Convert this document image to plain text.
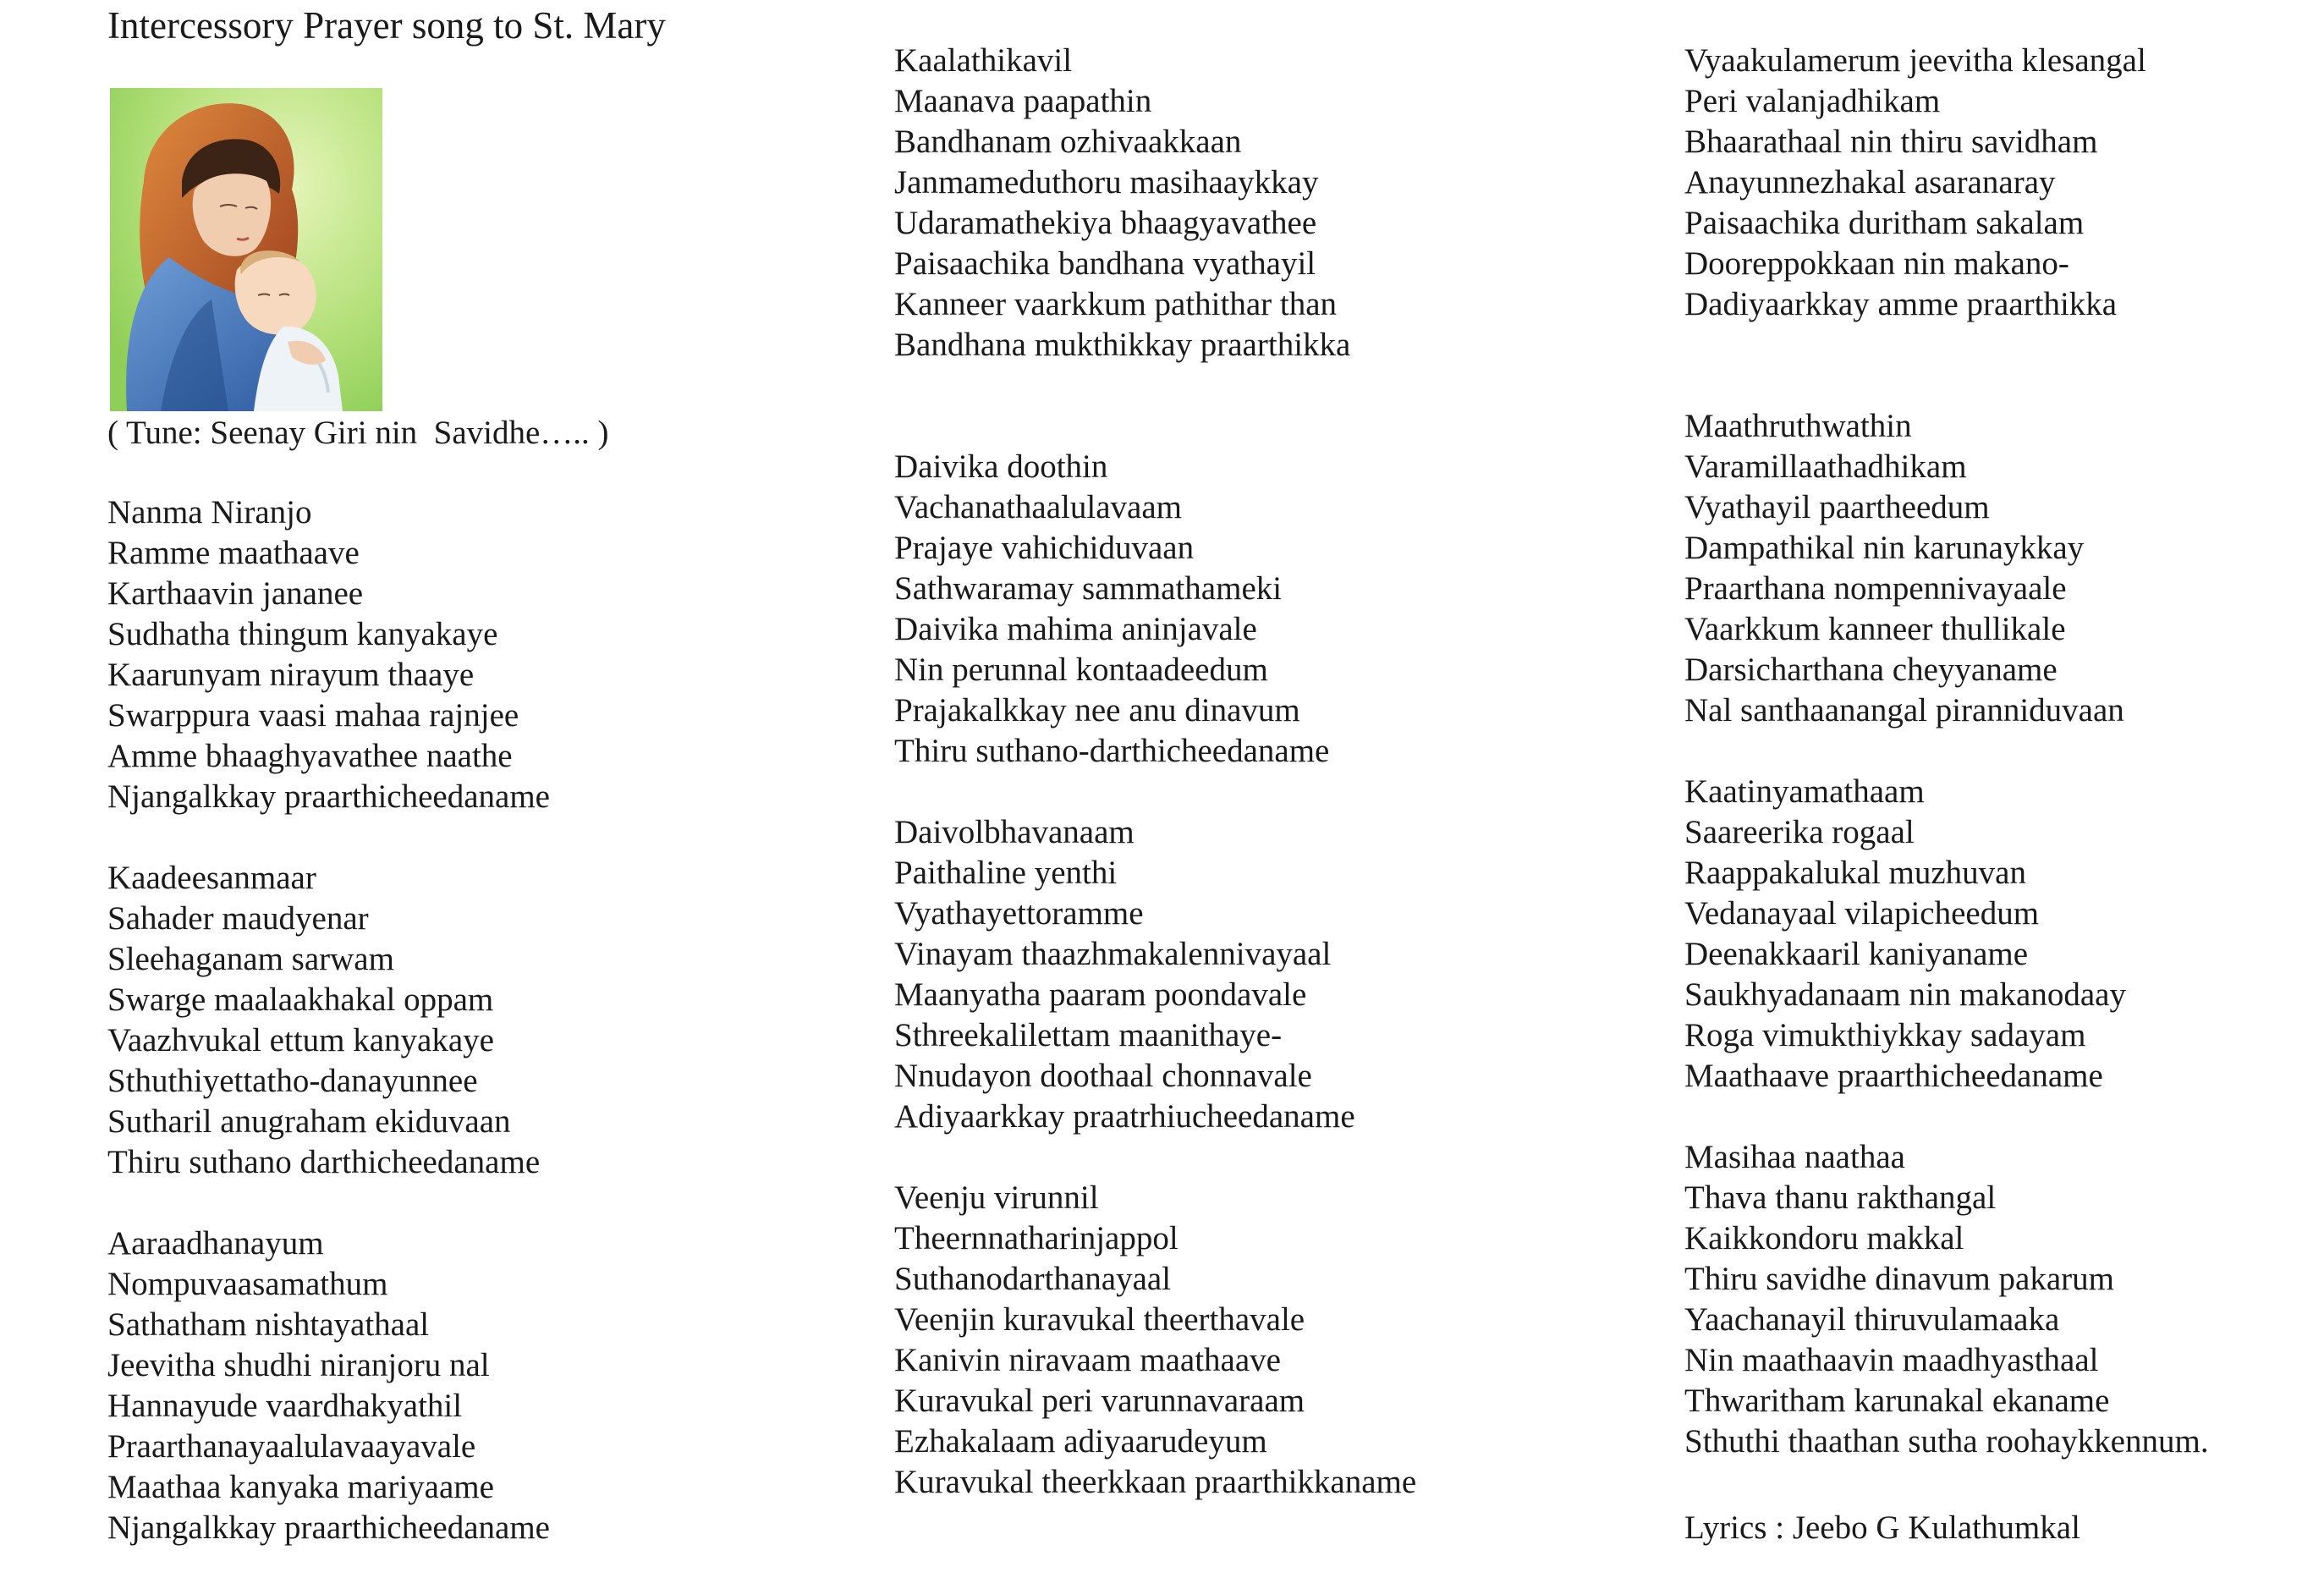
Intercessory Prayer song to St. Mary
( Tune: Seenay Giri nin  Savidhe….. )
Nanma Niranjo
Ramme maathaave
Karthaavin jananee
Sudhatha thingum kanyakaye
Kaarunyam nirayum thaaye
Swarppura vaasi mahaa rajnjee
Amme bhaaghyavathee naathe
Njangalkkay praarthicheedaname
Kaadeesanmaar
Sahader maudyenar
Sleehaganam sarwam
Swarge maalaakhakal oppam
Vaazhvukal ettum kanyakaye
Sthuthiyettatho-danayunnee
Sutharil anugraham ekiduvaan
Thiru suthano darthicheedaname
Aaraadhanayum
Nompuvaasamathum
Sathatham nishtayathaal
Jeevitha shudhi niranjoru nal
Hannayude vaardhakyathil
Praarthanayaalulavaayavale
Maathaa kanyaka mariyaame
Njangalkkay praarthicheedaname
Kaalathikavil
Maanava paapathin
Bandhanam ozhivaakkaan
Janmameduthoru masihaaykkay
Udaramathekiya bhaagyavathee
Paisaachika bandhana vyathayil
Kanneer vaarkkum pathithar than
Bandhana mukthikkay praarthikka
Daivika doothin
Vachanathaalulavaam
Prajaye vahichiduvaan
Sathwaramay sammathameki
Daivika mahima aninjavale
Nin perunnal kontaadeedum
Prajakalkkay nee anu dinavum
Thiru suthano-darthicheedaname
Daivolbhavanaam
Paithaline yenthi
Vyathayettoramme
Vinayam thaazhmakalennivayaal
Maanyatha paaram poondavale
Sthreekalilettam maanithaye-
Nnudayon doothaal chonnavale
Adiyaarkkay praatrhiucheedaname
Veenju virunnil
Theernnatharinjappol
Suthanodarthanayaal
Veenjin kuravukal theerthavale
Kanivin niravaam maathaave
Kuravukal peri varunnavaraam
Ezhakalaam adiyaarudeyum
Kuravukal theerkkaan praarthikkaname
Vyaakulamerum jeevitha klesangal
Peri valanjadhikam
Bhaarathaal nin thiru savidham
Anayunnezhakal asaranaray
Paisaachika duritham sakalam
Dooreppokkaan nin makano-
Dadiyaarkkay amme praarthikka
Maathruthwathin
Varamillaathadhikam
Vyathayil paartheedum
Dampathikal nin karunaykkay
Praarthana nompennivayaale
Vaarkkum kanneer thullikale
Darsicharthana cheyyaname
Nal santhaanangal piranniduvaan
Kaatinyamathaam
Saareerika rogaal
Raappakalukal muzhuvan
Vedanayaal vilapicheedum
Deenakkaaril kaniyaname
Saukhyadanaam nin makanodaay
Roga vimukthiykkay sadayam
Maathaave praarthicheedaname
Masihaa naathaa
Thava thanu rakthangal
Kaikkondoru makkal
Thiru savidhe dinavum pakarum
Yaachanayil thiruvulamaaka
Nin maathaavin maadhyasthaal
Thwaritham karunakal ekaname
Sthuthi thaathan sutha roohaykkennum.
Lyrics : Jeebo G Kulathumkal
